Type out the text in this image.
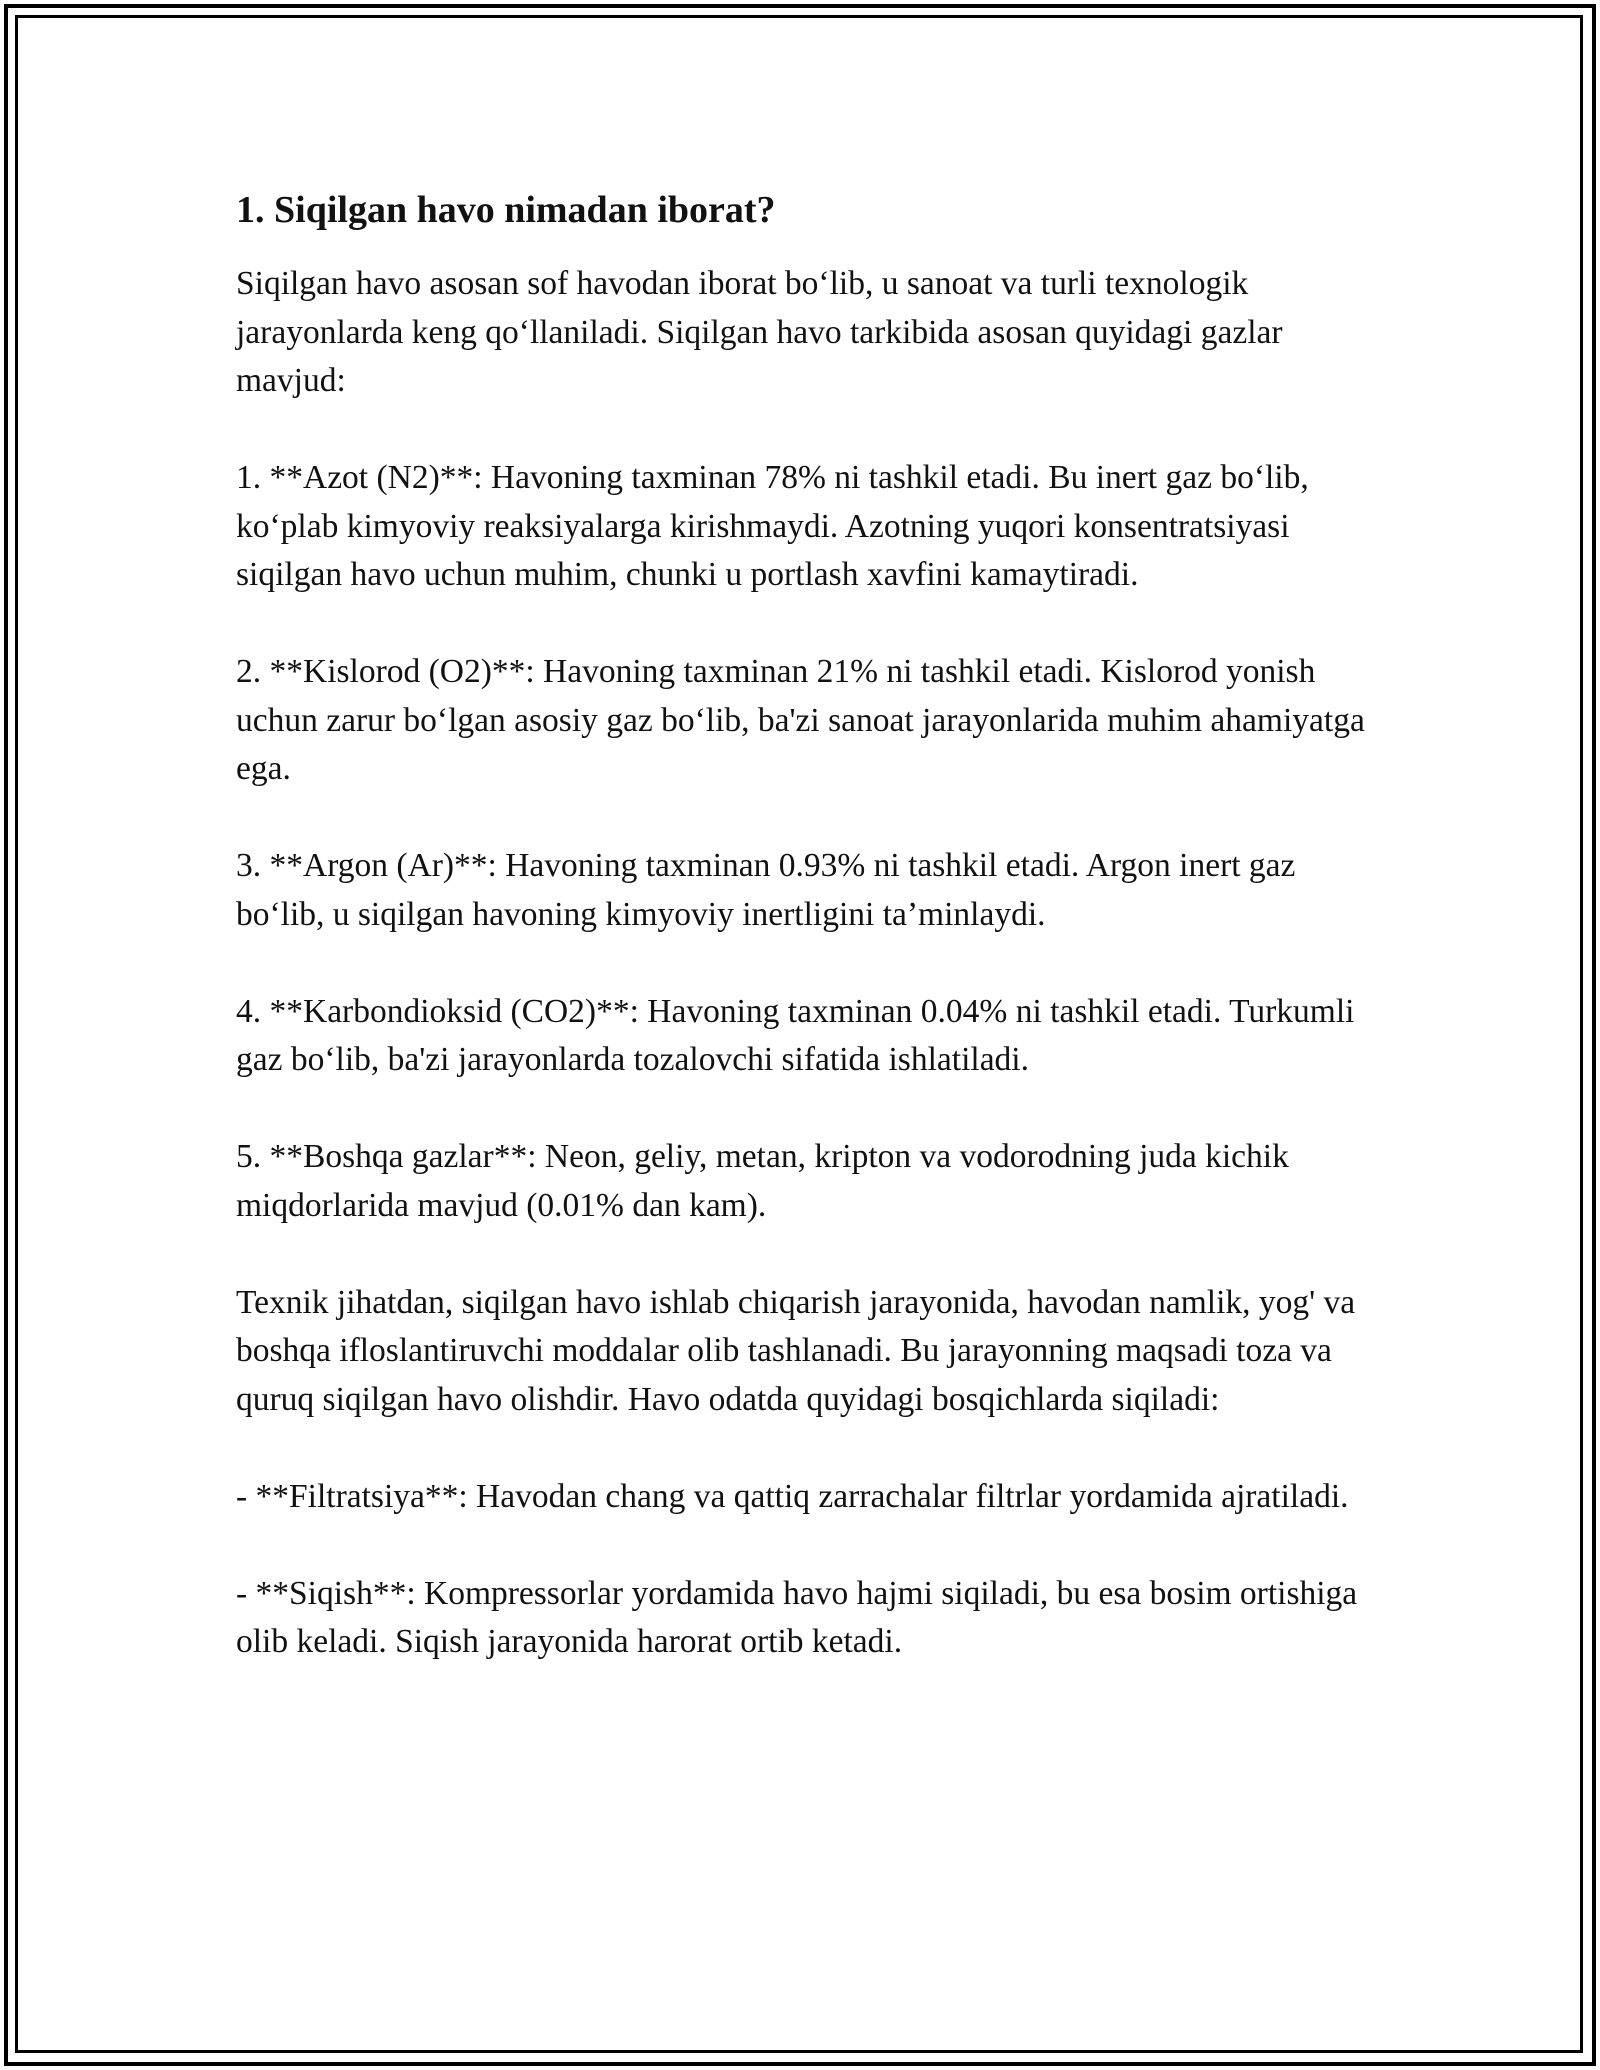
1. Siqilgan havo nimadan iborat?

Siqilgan havo asosan sof havodan iborat bo‘lib, u sanoat va turli texnologik jarayonlarda keng qo‘llaniladi. Siqilgan havo tarkibida asosan quyidagi gazlar mavjud:

1. **Azot (N2)**: Havoning taxminan 78% ni tashkil etadi. Bu inert gaz bo‘lib, ko‘plab kimyoviy reaksiyalarga kirishmaydi. Azotning yuqori konsentratsiyasi siqilgan havo uchun muhim, chunki u portlash xavfini kamaytiradi.

2. **Kislorod (O2)**: Havoning taxminan 21% ni tashkil etadi. Kislorod yonish uchun zarur bo‘lgan asosiy gaz bo‘lib, ba'zi sanoat jarayonlarida muhim ahamiyatga ega.

3. **Argon (Ar)**: Havoning taxminan 0.93% ni tashkil etadi. Argon inert gaz bo‘lib, u siqilgan havoning kimyoviy inertligini ta’minlaydi.

4. **Karbondioksid (CO2)**: Havoning taxminan 0.04% ni tashkil etadi. Turkumli gaz bo‘lib, ba'zi jarayonlarda tozalovchi sifatida ishlatiladi.

5. **Boshqa gazlar**: Neon, geliy, metan, kripton va vodorodning juda kichik miqdorlarida mavjud (0.01% dan kam).

Texnik jihatdan, siqilgan havo ishlab chiqarish jarayonida, havodan namlik, yog' va boshqa ifloslantiruvchi moddalar olib tashlanadi. Bu jarayonning maqsadi toza va quruq siqilgan havo olishdir. Havo odatda quyidagi bosqichlarda siqiladi:

- **Filtratsiya**: Havodan chang va qattiq zarrachalar filtrlar yordamida ajratiladi.

- **Siqish**: Kompressorlar yordamida havo hajmi siqiladi, bu esa bosim ortishiga olib keladi. Siqish jarayonida harorat ortib ketadi.
